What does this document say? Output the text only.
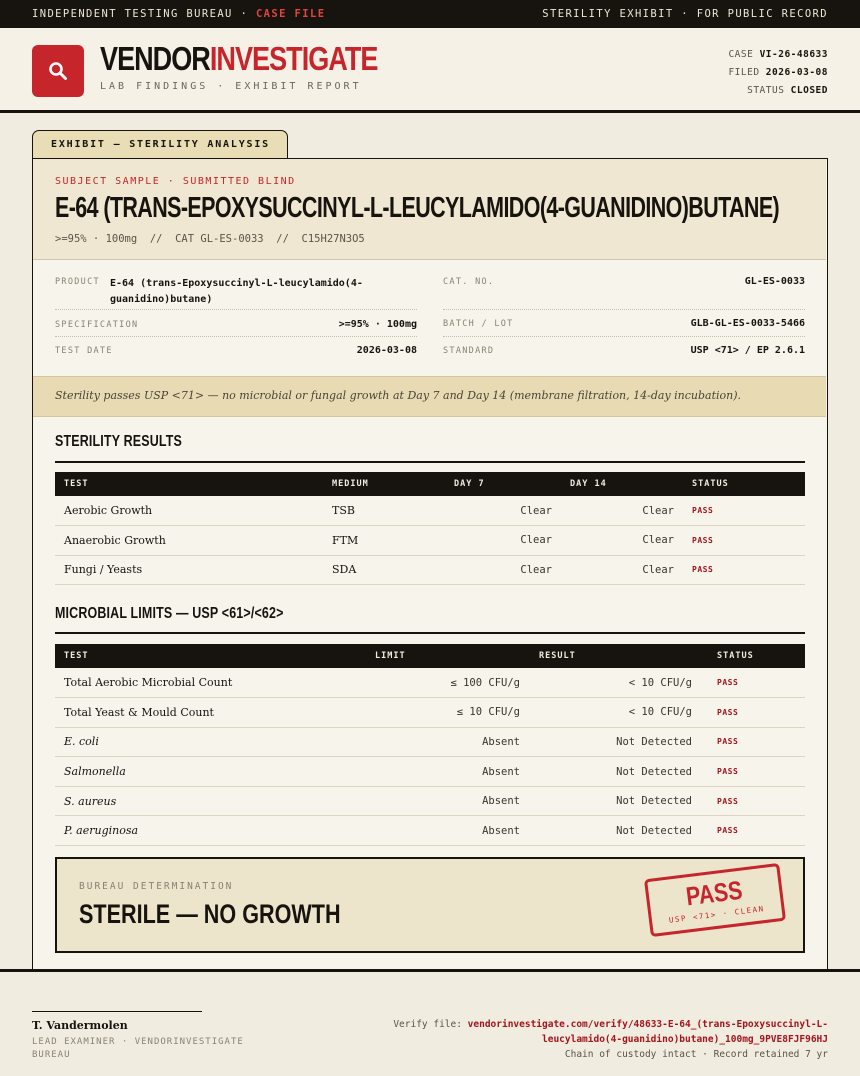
INDEPENDENT TESTING BUREAU · CASE FILE	STERILITY EXHIBIT · FOR PUBLIC RECORD
VENDORINVESTIGATE
LAB FINDINGS · EXHIBIT REPORT
CASE VI-26-48633
FILED 2026-03-08
STATUS CLOSED
EXHIBIT — STERILITY ANALYSIS
SUBJECT SAMPLE · SUBMITTED BLIND
E-64 (TRANS-EPOXYSUCCINYL-L-LEUCYLAMIDO(4-GUANIDINO)BUTANE)
>=95% · 100mg  //  CAT GL-ES-0033  //  C15H27N3O5
PRODUCT E-64 (trans-Epoxysuccinyl-L-leucylamido(4-guanidino)butane)
SPECIFICATION	>=95% · 100mg
TEST DATE	2026-03-08
CAT. NO.	GL-ES-0033
BATCH / LOT	GLB-GL-ES-0033-5466
STANDARD	USP <71> / EP 2.6.1
Sterility passes USP <71> — no microbial or fungal growth at Day 7 and Day 14 (membrane filtration, 14-day incubation).
STERILITY RESULTS
TEST	MEDIUM	DAY 7	DAY 14	STATUS
Aerobic Growth	TSB	Clear	Clear	PASS
Anaerobic Growth	FTM	Clear	Clear	PASS
Fungi / Yeasts	SDA	Clear	Clear	PASS
MICROBIAL LIMITS — USP <61>/<62>
TEST	LIMIT	RESULT	STATUS
Total Aerobic Microbial Count	≤ 100 CFU/g	< 10 CFU/g	PASS
Total Yeast & Mould Count	≤ 10 CFU/g	< 10 CFU/g	PASS
E. coli	Absent	Not Detected	PASS
Salmonella	Absent	Not Detected	PASS
S. aureus	Absent	Not Detected	PASS
P. aeruginosa	Absent	Not Detected	PASS
BUREAU DETERMINATION
STERILE — NO GROWTH
PASS
USP <71> · CLEAN
T. Vandermolen
LEAD EXAMINER · VENDORINVESTIGATE BUREAU
Verify file: vendorinvestigate.com/verify/48633-E-64_(trans-Epoxysuccinyl-L-leucylamido(4-guanidino)butane)_100mg_9PVE8FJF96HJ
Chain of custody intact · Record retained 7 yr
